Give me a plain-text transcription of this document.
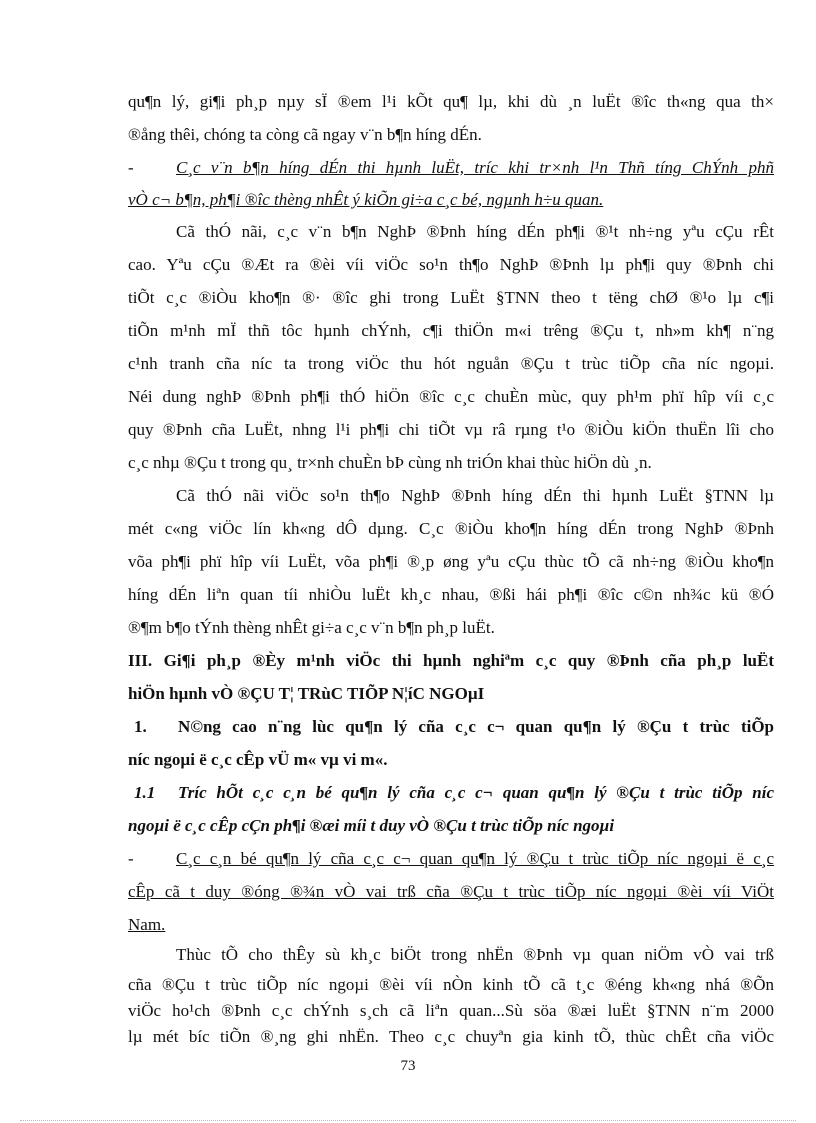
qu¶n lý, gi¶i ph¸p nµy sÏ ®em l¹i kÕt qu¶ lµ, khi dù ¸n luËt ®îc th«ng qua th×
®ång thêi, chóng ta còng cã ngay v¨n b¶n híng dÉn.
- C¸c v¨n b¶n híng dÉn thi hµnh luËt, tríc khi tr×nh l¹n Thñ tíng ChÝnh phñ
vÒ c¬ b¶n, ph¶i ®îc thèng nhÊt ý kiÕn gi÷a c¸c bé, ngµnh h÷u quan.
Cã thÓ nãi, c¸c v¨n b¶n NghÞ ®Þnh híng dÉn ph¶i ®¹t nh÷ng yªu cÇu rÊt
cao. Yªu cÇu ®Æt ra ®èi víi viÖc so¹n th¶o NghÞ ®Þnh lµ ph¶i quy ®Þnh chi
tiÕt c¸c ®iÒu kho¶n ®· ®îc ghi trong LuËt §TNN theo t tëng chØ ®¹o lµ c¶i
tiÕn m¹nh mÏ thñ tôc hµnh chÝnh, c¶i thiÖn m«i trêng ®Çu t, nh»m kh¶ n¨ng
c¹nh tranh cña níc ta trong viÖc thu hót nguån ®Çu t trùc tiÕp cña níc ngoµi.
Néi dung nghÞ ®Þnh ph¶i thÓ hiÖn ®îc c¸c chuÈn mùc, quy ph¹m phï hîp víi c¸c
quy ®Þnh cña LuËt, nhng l¹i ph¶i chi tiÕt vµ râ rµng t¹o ®iÒu kiÖn thuËn lîi cho
c¸c nhµ ®Çu t trong qu¸ tr×nh chuÈn bÞ cùng nh triÓn khai thùc hiÖn dù ¸n.
Cã thÓ nãi viÖc so¹n th¶o NghÞ ®Þnh híng dÉn thi hµnh LuËt §TNN lµ
mét c«ng viÖc lín kh«ng dÔ dµng. C¸c ®iÒu kho¶n híng dÉn trong NghÞ ®Þnh
võa ph¶i phï hîp víi LuËt, võa ph¶i ®¸p øng yªu cÇu thùc tÕ cã nh÷ng ®iÒu kho¶n
híng dÉn liªn quan tíi nhiÒu luËt kh¸c nhau, ®ßi hái ph¶i ®îc c©n nh¾c kü ®Ó
®¶m b¶o tÝnh thèng nhÊt gi÷a c¸c v¨n b¶n ph¸p luËt.
III. Gi¶i ph¸p ®Èy m¹nh viÖc thi hµnh nghiªm c¸c quy ®Þnh cña ph¸p luËt
hiÖn hµnh vÒ ®ÇU T¦ TRùC TIÕP N¦íC NGOµI
1. N©ng cao n¨ng lùc qu¶n lý cña c¸c c¬ quan qu¶n lý ®Çu t trùc tiÕp
níc ngoµi ë c¸c cÊp vÜ m« vµ vi m«.
1.1 Tríc hÕt c¸c c¸n bé qu¶n lý cña c¸c c¬ quan qu¶n lý ®Çu t trùc tiÕp níc
ngoµi ë c¸c cÊp cÇn ph¶i ®æi míi t duy vÒ ®Çu t trùc tiÕp níc ngoµi
- C¸c c¸n bé qu¶n lý cña c¸c c¬ quan qu¶n lý ®Çu t trùc tiÕp níc ngoµi ë c¸c
cÊp cã t duy ®óng ®¾n vÒ vai trß cña ®Çu t trùc tiÕp níc ngoµi ®èi víi ViÖt
Nam.
Thùc tÕ cho thÊy sù kh¸c biÖt trong nhËn ®Þnh vµ quan niÖm vÒ vai trß
cña ®Çu t trùc tiÕp níc ngoµi ®èi víi nÒn kinh tÕ cã t¸c ®éng kh«ng nhá ®Õn
viÖc ho¹ch ®Þnh c¸c chÝnh s¸ch cã liªn quan...Sù söa ®æi luËt §TNN n¨m 2000
73
lµ mét bíc tiÕn ®¸ng ghi nhËn. Theo c¸c chuyªn gia kinh tÕ, thùc chÊt cña viÖc
